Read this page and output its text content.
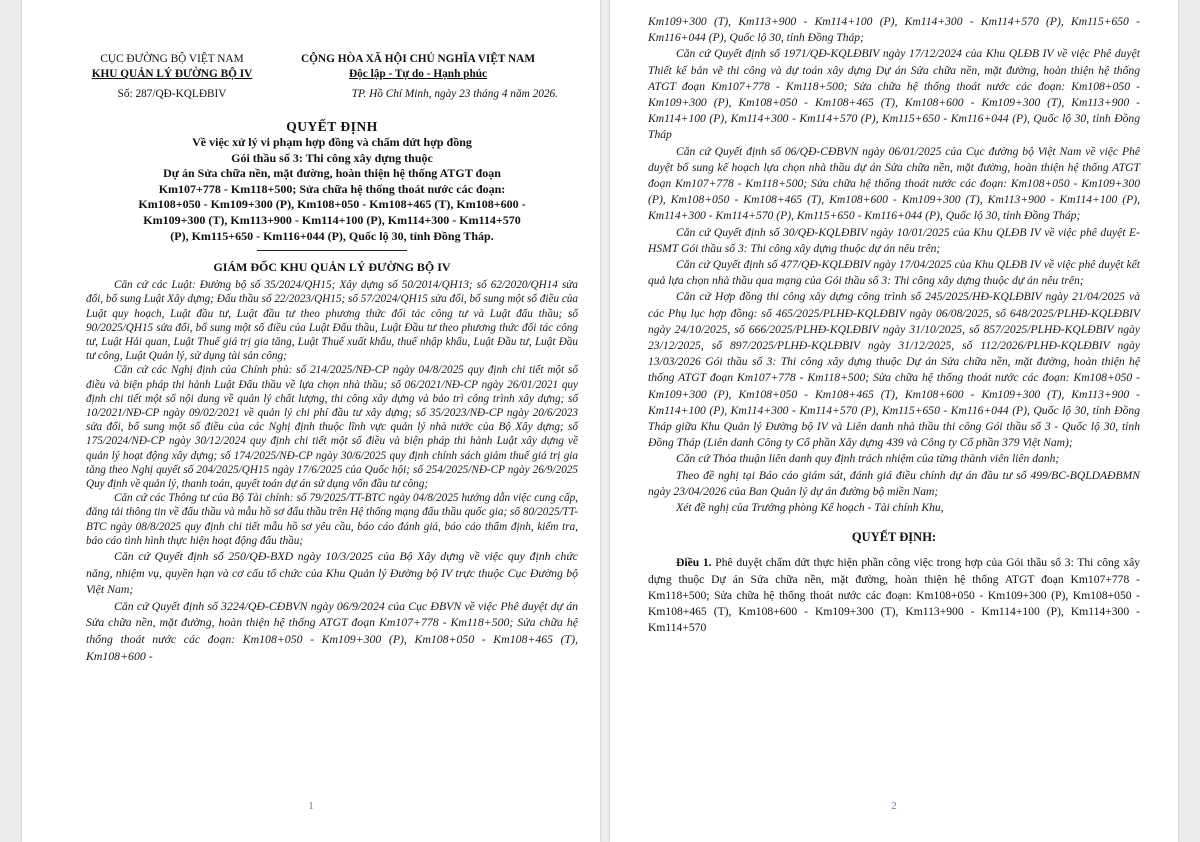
CỤC ĐƯỜNG BỘ VIỆT NAM
KHU QUẢN LÝ ĐƯỜNG BỘ IV
Số: 287/QĐ-KQLĐBIV
CỘNG HÒA XÃ HỘI CHỦ NGHĨA VIỆT NAM
Độc lập - Tự do - Hạnh phúc
TP. Hồ Chí Minh, ngày 23 tháng 4 năm 2026.
QUYẾT ĐỊNH
Về việc xử lý vi phạm hợp đồng và chấm dứt hợp đồng
Gói thầu số 3: Thi công xây dựng thuộc
Dự án Sửa chữa nền, mặt đường, hoàn thiện hệ thống ATGT đoạn
Km107+778 - Km118+500; Sửa chữa hệ thống thoát nước các đoạn:
Km108+050 - Km109+300 (P), Km108+050 - Km108+465 (T), Km108+600 -
Km109+300 (T), Km113+900 - Km114+100 (P), Km114+300 - Km114+570
(P), Km115+650 - Km116+044 (P), Quốc lộ 30, tỉnh Đồng Tháp.
GIÁM ĐỐC KHU QUẢN LÝ ĐƯỜNG BỘ IV

Căn cứ các Luật: Đường bộ số 35/2024/QH15; Xây dựng số 50/2014/QH13; số 62/2020/QH14 sửa đổi, bổ sung Luật Xây dựng; Đấu thầu số 22/2023/QH15; số 57/2024/QH15 sửa đổi, bổ sung một số điều của Luật quy hoạch, Luật đầu tư, Luật đầu tư theo phương thức đối tác công tư và Luật đấu thầu; số 90/2025/QH15 sửa đổi, bổ sung một số điều của Luật Đấu thầu, Luật Đầu tư theo phương thức đối tác công tư, Luật Hải quan, Luật Thuế giá trị gia tăng, Luật Thuế xuất khẩu, thuế nhập khẩu, Luật Đầu tư, Luật Đầu tư công, Luật Quản lý, sử dụng tài sản công;

Căn cứ các Nghị định của Chính phủ: số 214/2025/NĐ-CP ngày 04/8/2025 quy định chi tiết một số điều và biện pháp thi hành Luật Đấu thầu về lựa chọn nhà thầu; số 06/2021/NĐ-CP ngày 26/01/2021 quy định chi tiết một số nội dung về quản lý chất lượng, thi công xây dựng và bảo trì công trình xây dựng; số 10/2021/NĐ-CP ngày 09/02/2021 về quản lý chi phí đầu tư xây dựng; số 35/2023/NĐ-CP ngày 20/6/2023 sửa đổi, bổ sung một số điều của các Nghị định thuộc lĩnh vực quản lý nhà nước của Bộ Xây dựng; số 175/2024/NĐ-CP ngày 30/12/2024 quy định chi tiết một số điều và biện pháp thi hành Luật xây dựng về quản lý hoạt động xây dựng; số 174/2025/NĐ-CP ngày 30/6/2025 quy định chính sách giảm thuế giá trị gia tăng theo Nghị quyết số 204/2025/QH15 ngày 17/6/2025 của Quốc hội; số 254/2025/NĐ-CP ngày 26/9/2025 Quy định về quản lý, thanh toán, quyết toán dự án sử dụng vốn đầu tư công;

Căn cứ các Thông tư của Bộ Tài chính: số 79/2025/TT-BTC ngày 04/8/2025 hướng dẫn việc cung cấp, đăng tải thông tin về đấu thầu và mẫu hồ sơ đấu thầu trên Hệ thống mạng đấu thầu quốc gia; số 80/2025/TT-BTC ngày 08/8/2025 quy định chi tiết mẫu hồ sơ yêu cầu, báo cáo đánh giá, báo cáo thẩm định, kiểm tra, báo cáo tình hình thực hiện hoạt động đấu thầu;

Căn cứ Quyết định số 250/QĐ-BXD ngày 10/3/2025 của Bộ Xây dựng về việc quy định chức năng, nhiệm vụ, quyền hạn và cơ cấu tổ chức của Khu Quản lý Đường bộ IV trực thuộc Cục Đường bộ Việt Nam;

Căn cứ Quyết định số 3224/QĐ-CĐBVN ngày 06/9/2024 của Cục ĐBVN về việc Phê duyệt dự án Sửa chữa nền, mặt đường, hoàn thiện hệ thống ATGT đoạn Km107+778 - Km118+500; Sửa chữa hệ thống thoát nước các đoạn: Km108+050 - Km109+300 (P), Km108+050 - Km108+465 (T), Km108+600 -

1

Km109+300 (T), Km113+900 - Km114+100 (P), Km114+300 - Km114+570 (P), Km115+650 - Km116+044 (P), Quốc lộ 30, tỉnh Đồng Tháp;

Căn cứ Quyết định số 1971/QĐ-KQLĐBIV ngày 17/12/2024 của Khu QLĐB IV về việc Phê duyệt Thiết kế bản vẽ thi công và dự toán xây dựng Dự án Sửa chữa nền, mặt đường, hoàn thiện hệ thống ATGT đoạn Km107+778 - Km118+500; Sửa chữa hệ thống thoát nước các đoạn: Km108+050 - Km109+300 (P), Km108+050 - Km108+465 (T), Km108+600 - Km109+300 (T), Km113+900 - Km114+100 (P), Km114+300 - Km114+570 (P), Km115+650 - Km116+044 (P), Quốc lộ 30, tỉnh Đồng Tháp

Căn cứ Quyết định số 06/QĐ-CĐBVN ngày 06/01/2025 của Cục đường bộ Việt Nam về việc Phê duyệt bổ sung kế hoạch lựa chọn nhà thầu dự án Sửa chữa nền, mặt đường, hoàn thiện hệ thống ATGT đoạn Km107+778 - Km118+500; Sửa chữa hệ thống thoát nước các đoạn: Km108+050 - Km109+300 (P), Km108+050 - Km108+465 (T), Km108+600 - Km109+300 (T), Km113+900 - Km114+100 (P), Km114+300 - Km114+570 (P), Km115+650 - Km116+044 (P), Quốc lộ 30, tỉnh Đồng Tháp;

Căn cứ Quyết định số 30/QĐ-KQLĐBIV ngày 10/01/2025 của Khu QLĐB IV về việc phê duyệt E-HSMT Gói thầu số 3: Thi công xây dựng thuộc dự án nêu trên;

Căn cứ Quyết định số 477/QĐ-KQLĐBIV ngày 17/04/2025 của Khu QLĐB IV về việc phê duyệt kết quả lựa chọn nhà thầu qua mạng của Gói thầu số 3: Thi công xây dựng thuộc dự án nêu trên;

Căn cứ Hợp đồng thi công xây dựng công trình số 245/2025/HĐ-KQLĐBIV ngày 21/04/2025 và các Phụ lục hợp đồng: số 465/2025/PLHĐ-KQLĐBIV ngày 06/08/2025, số 648/2025/PLHĐ-KQLĐBIV ngày 24/10/2025, số 666/2025/PLHĐ-KQLĐBIV ngày 31/10/2025, số 857/2025/PLHĐ-KQLĐBIV ngày 23/12/2025, số 897/2025/PLHĐ-KQLĐBIV ngày 31/12/2025, số 112/2026/PLHĐ-KQLĐBIV ngày 13/03/2026 Gói thầu số 3: Thi công xây dựng thuộc Dự án Sửa chữa nền, mặt đường, hoàn thiện hệ thống ATGT đoạn Km107+778 - Km118+500; Sửa chữa hệ thống thoát nước các đoạn: Km108+050 - Km109+300 (P), Km108+050 - Km108+465 (T), Km108+600 - Km109+300 (T), Km113+900 - Km114+100 (P), Km114+300 - Km114+570 (P), Km115+650 - Km116+044 (P), Quốc lộ 30, tỉnh Đồng Tháp giữa Khu Quản lý Đường bộ IV và Liên danh nhà thầu thi công Gói thầu số 3 - Quốc lộ 30, tỉnh Đồng Tháp (Liên danh Công ty Cổ phần Xây dựng 439 và Công ty Cổ phần 379 Việt Nam);

Căn cứ Thỏa thuận liên danh quy định trách nhiệm của từng thành viên liên danh;

Theo đề nghị tại Báo cáo giám sát, đánh giá điều chỉnh dự án đầu tư số 499/BC-BQLDAĐBMN ngày 23/04/2026 của Ban Quản lý dự án đường bộ miền Nam;

Xét đề nghị của Trưởng phòng Kế hoạch - Tài chính Khu,

QUYẾT ĐỊNH:

Điều 1. Phê duyệt chấm dứt thực hiện phần công việc trong hợp của Gói thầu số 3: Thi công xây dựng thuộc Dự án Sửa chữa nền, mặt đường, hoàn thiện hệ thống ATGT đoạn Km107+778 - Km118+500; Sửa chữa hệ thống thoát nước các đoạn: Km108+050 - Km109+300 (P), Km108+050 - Km108+465 (T), Km108+600 - Km109+300 (T), Km113+900 - Km114+100 (P), Km114+300 - Km114+570

2
